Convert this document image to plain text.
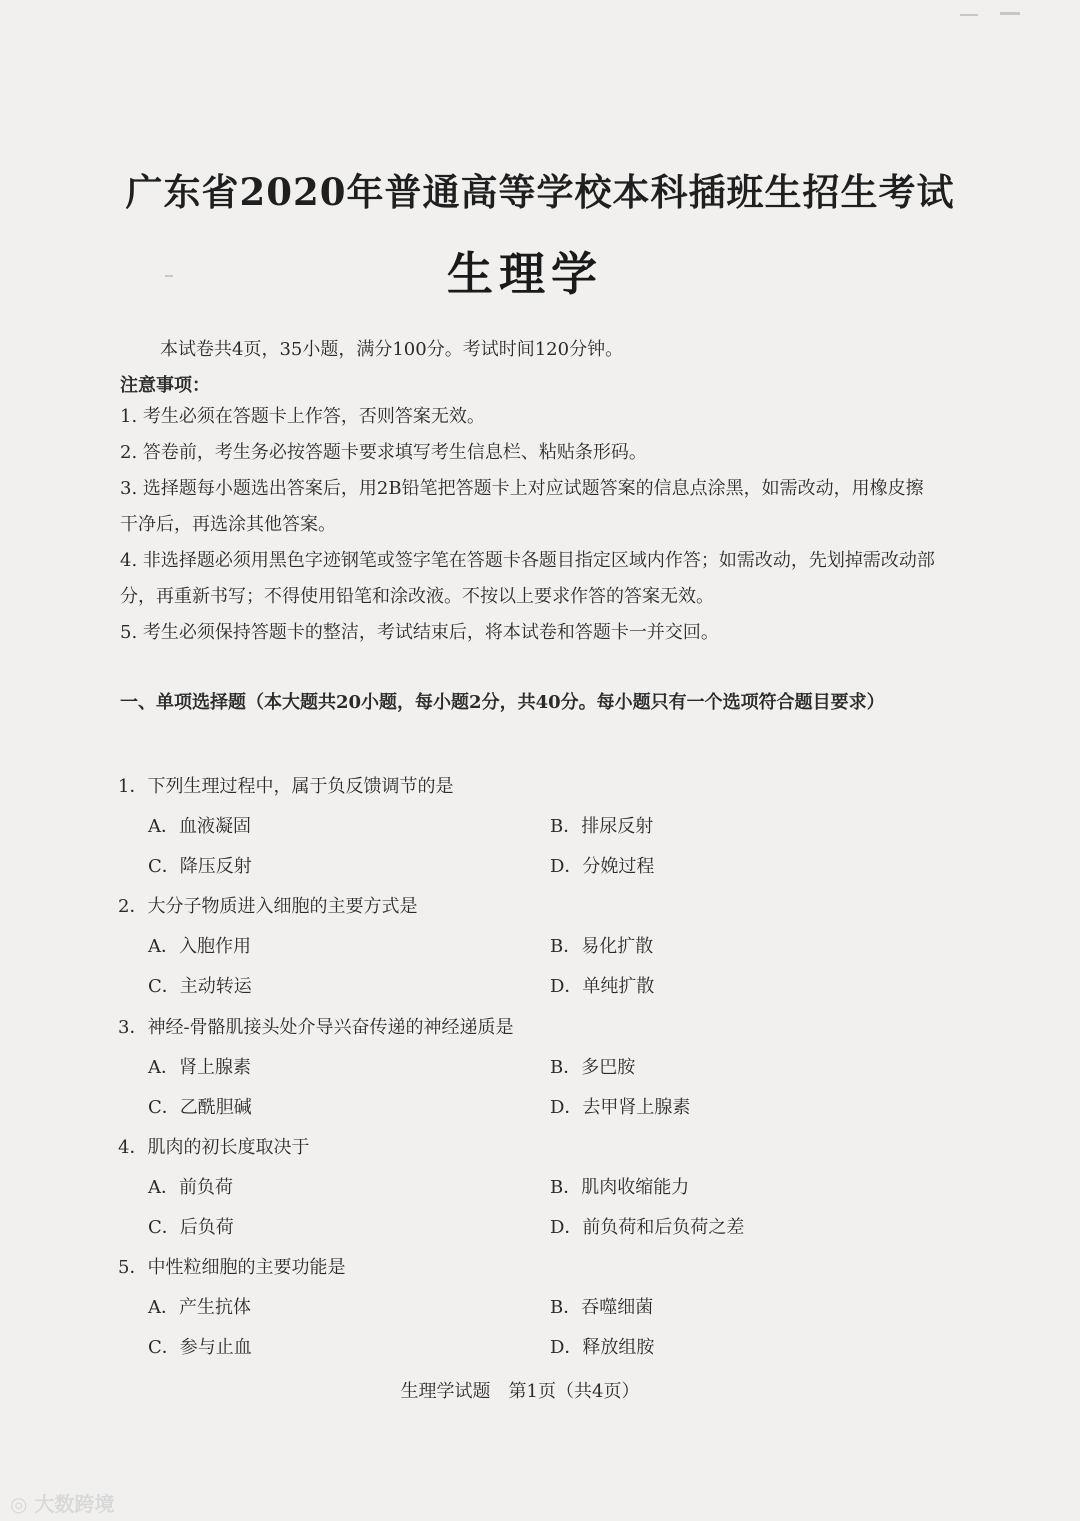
广东省2020年普通高等学校本科插班生招生考试
生理学
本试卷共4页，35小题，满分100分。考试时间120分钟。
注意事项：
1. 考生必须在答题卡上作答，否则答案无效。
2. 答卷前，考生务必按答题卡要求填写考生信息栏、粘贴条形码。
3. 选择题每小题选出答案后，用2B铅笔把答题卡上对应试题答案的信息点涂黑，如需改动，用橡皮擦干净后，再选涂其他答案。
4. 非选择题必须用黑色字迹钢笔或签字笔在答题卡各题目指定区域内作答；如需改动，先划掉需改动部分，再重新书写；不得使用铅笔和涂改液。不按以上要求作答的答案无效。
5. 考生必须保持答题卡的整洁，考试结束后，将本试卷和答题卡一并交回。
一、单项选择题（本大题共20小题，每小题2分，共40分。每小题只有一个选项符合题目要求）
1．下列生理过程中，属于负反馈调节的是
A．血液凝固	B．排尿反射
C．降压反射	D．分娩过程
2．大分子物质进入细胞的主要方式是
A．入胞作用	B．易化扩散
C．主动转运	D．单纯扩散
3．神经-骨骼肌接头处介导兴奋传递的神经递质是
A．肾上腺素	B．多巴胺
C．乙酰胆碱	D．去甲肾上腺素
4．肌肉的初长度取决于
A．前负荷	B．肌肉收缩能力
C．后负荷	D．前负荷和后负荷之差
5．中性粒细胞的主要功能是
A．产生抗体	B．吞噬细菌
C．参与止血	D．释放组胺
生理学试题　第1页（共4页）
◎ 大数跨境
